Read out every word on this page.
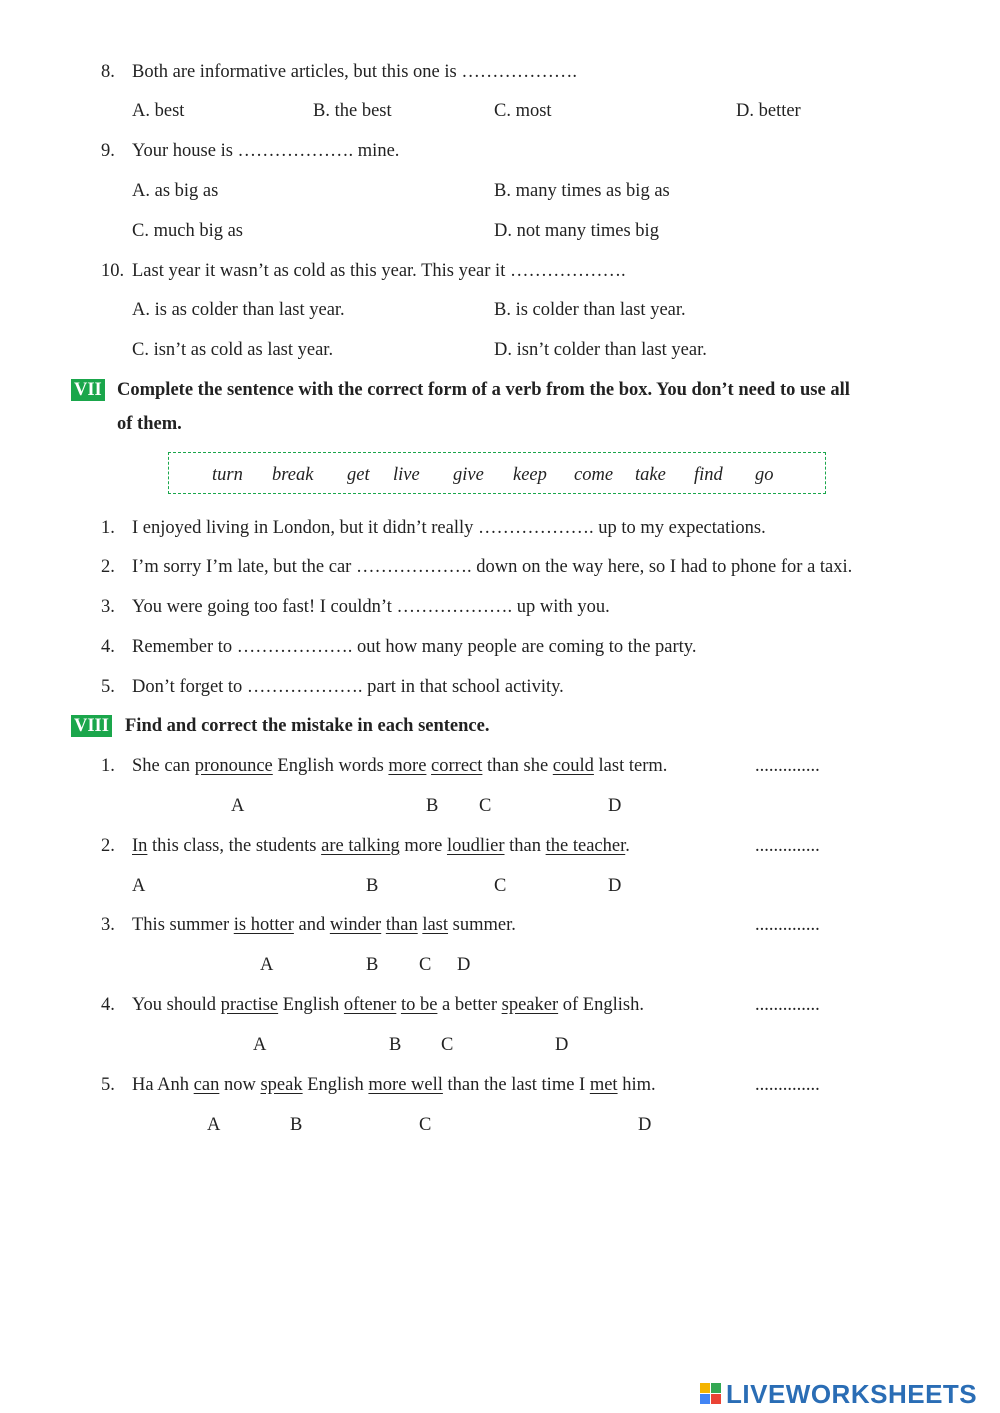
8. Both are informative articles, but this one is ……………….
A. best	B. the best	C. most	D. better
9. Your house is ………………. mine.
A. as big as	B. many times as big as
C. much big as	D. not many times big
10. Last year it wasn’t as cold as this year. This year it ……………….
A. is as colder than last year.	B. is colder than last year.
C. isn’t as cold as last year.	D. isn’t colder than last year.
VII Complete the sentence with the correct form of a verb from the box. You don’t need to use all
of them.
turn break get live give keep come take find go
1. I enjoyed living in London, but it didn’t really ………………. up to my expectations.
2. I’m sorry I’m late, but the car ………………. down on the way here, so I had to phone for a taxi.
3. You were going too fast! I couldn’t ………………. up with you.
4. Remember to ………………. out how many people are coming to the party.
5. Don’t forget to ………………. part in that school activity.
VIII Find and correct the mistake in each sentence.
1. She can pronounce English words more correct than she could last term.	..............
A	B C	D
2. In this class, the students are talking more loudlier than the teacher.	..............
A	B	C	D
3. This summer is hotter and winder than last summer.	..............
A	B C D
4. You should practise English oftener to be a better speaker of English.	..............
A	B C	D
5. Ha Anh can now speak English more well than the last time I met him.	..............
A	B	C	D
LIVEWORKSHEETS
